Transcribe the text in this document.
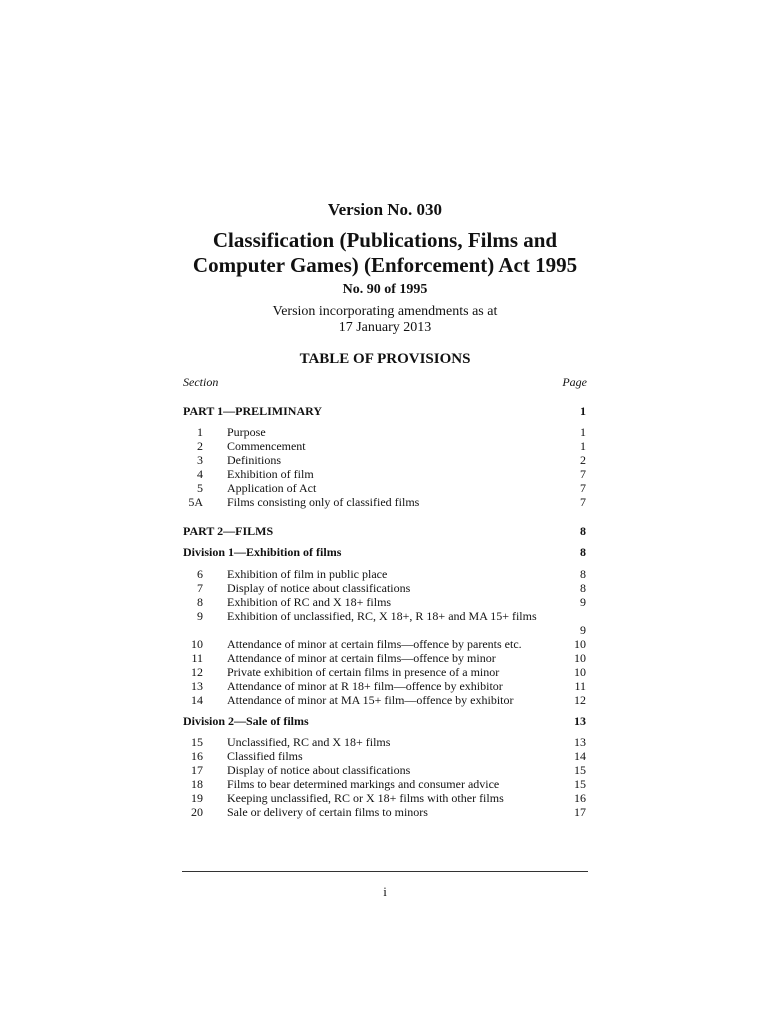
Version No. 030
Classification (Publications, Films and
Computer Games) (Enforcement) Act 1995
No. 90 of 1995
Version incorporating amendments as at
17 January 2013
TABLE OF PROVISIONS
Section	Page
PART 1—PRELIMINARY	1
1 Purpose	1
2 Commencement	1
3 Definitions	2
4 Exhibition of film	7
5 Application of Act	7
5A Films consisting only of classified films	7
PART 2—FILMS	8
Division 1—Exhibition of films	8
6 Exhibition of film in public place	8
7 Display of notice about classifications	8
8 Exhibition of RC and X 18+ films	9
9 Exhibition of unclassified, RC, X 18+, R 18+ and MA 15+ films
9
10 Attendance of minor at certain films—offence by parents etc.	10
11 Attendance of minor at certain films—offence by minor	10
12 Private exhibition of certain films in presence of a minor	10
13 Attendance of minor at R 18+ film—offence by exhibitor	11
14 Attendance of minor at MA 15+ film—offence by exhibitor	12
Division 2—Sale of films	13
15 Unclassified, RC and X 18+ films	13
16 Classified films	14
17 Display of notice about classifications	15
18 Films to bear determined markings and consumer advice	15
19 Keeping unclassified, RC or X 18+ films with other films	16
20 Sale or delivery of certain films to minors	17
i
